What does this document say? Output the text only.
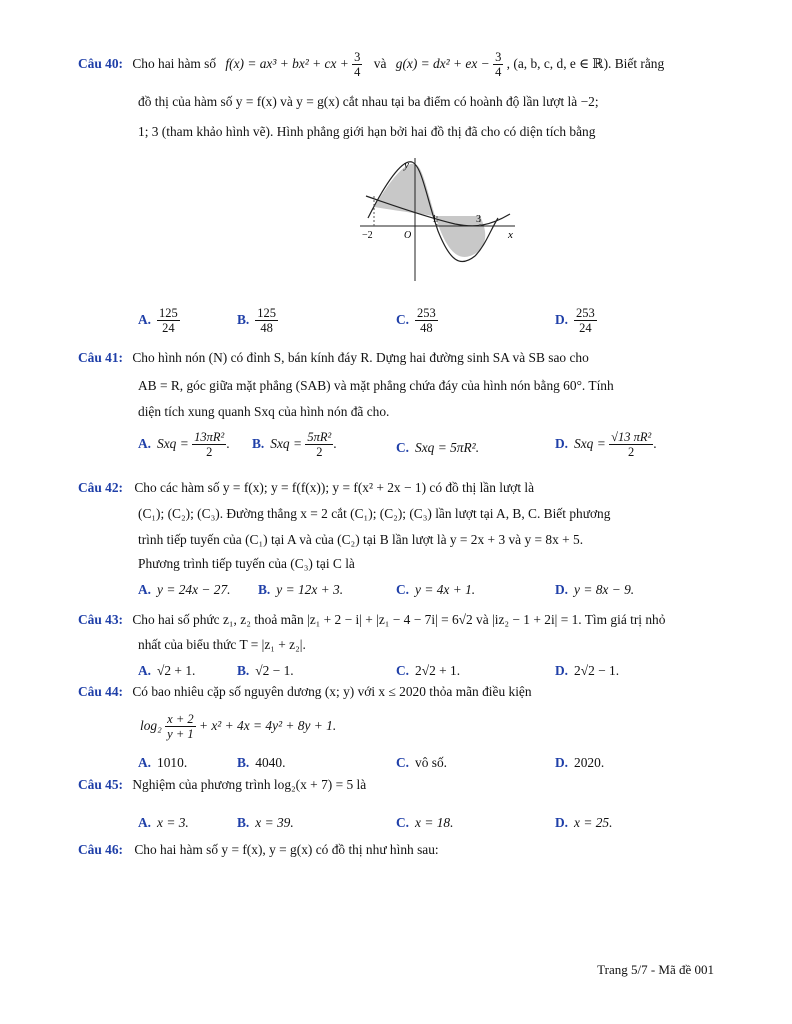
Câu 40: Cho hai hàm số f(x) = ax³ + bx² + cx + $\frac{3}{4}$ và g(x) = dx² + ex − $\frac{3}{4}$ , (a, b, c, d, e ∈ ℝ). Biết rằng
đồ thị của hàm số y = f(x) và y = g(x) cắt nhau tại ba điểm có hoành độ lần lượt là −2;
1; 3 (tham khảo hình vẽ). Hình phẳng giới hạn bởi hai đồ thị đã cho có diện tích bằng
y
x
O
−2
1	3
A. $\frac{125}{24}$	B. $\frac{125}{48}$	C. $\frac{253}{48}$	D. $\frac{253}{24}$
Câu 41: Cho hình nón (N) có đỉnh S, bán kính đáy R. Dựng hai đường sinh SA và SB sao cho
AB = R, góc giữa mặt phẳng (SAB) và mặt phẳng chứa đáy của hình nón bằng 60°. Tính
diện tích xung quanh Sxq của hình nón đã cho.
A. Sxq = $\frac{\text{13πR²}}{2}$ . B. Sxq = $\frac{\text{5πR²}}{2}$ .	C. Sxq = 5πR².	D. Sxq = $\frac{\text{√13 πR²}}{2}$ .
Câu 42: Cho các hàm số y = f(x); y = f(f(x)); y = f(x² + 2x − 1) có đồ thị lần lượt là
(C₁); (C₂); (C₃). Đường thẳng x = 2 cắt (C₁); (C₂); (C₃) lần lượt tại A, B, C. Biết phương
trình tiếp tuyến của (C₁) tại A và của (C₂) tại B lần lượt là y = 2x + 3 và y = 8x + 5.
Phương trình tiếp tuyến của (C₃) tại C là
A. y = 24x − 27. B. y = 12x + 3.	C. y = 4x + 1.	D. y = 8x − 9.
Câu 43: Cho hai số phức z₁, z₂ thoả mãn |z₁ + 2 − i| + |z₁ − 4 − 7i| = 6√2 và |iz₂ − 1 + 2i| = 1. Tìm giá trị nhỏ
nhất của biểu thức T = |z₁ + z₂|.
A. √2 + 1.	B. √2 − 1.	C. 2√2 + 1.	D. 2√2 − 1.
Câu 44: Có bao nhiêu cặp số nguyên dương (x; y) với x ≤ 2020 thỏa mãn điều kiện
$\log_2 \frac{x + 2}{y + 1} + x^2 + 4x = 4y^2 + 8y + 1$.
A. 1010.	B. 4040.	C. vô số.	D. 2020.
Câu 45: Nghiệm của phương trình log₂(x + 7) = 5 là
A. x = 3.	B. x = 39.	C. x = 18.	D. x = 25.
Câu 46: Cho hai hàm số y = f(x), y = g(x) có đồ thị như hình sau:
Trang 5/7 - Mã đề 001
